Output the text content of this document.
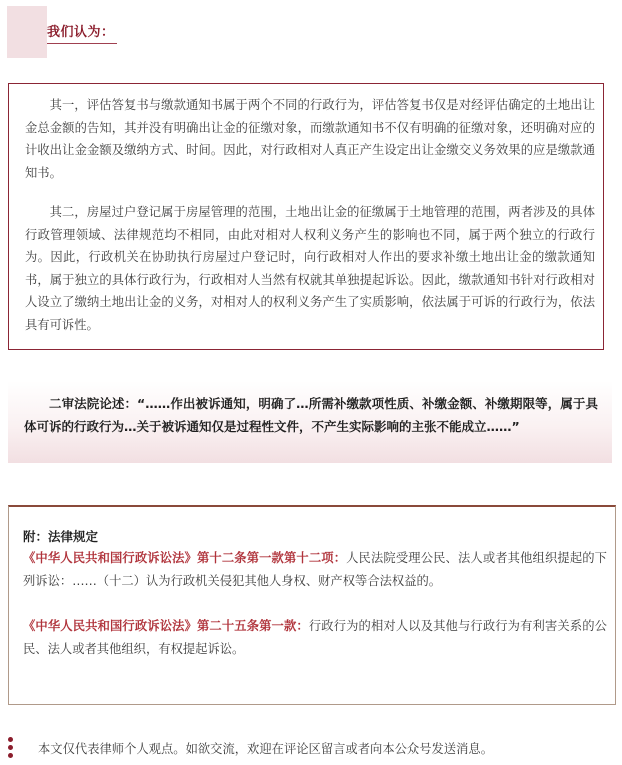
我们认为：

其一，评估答复书与缴款通知书属于两个不同的行政行为，评估答复书仅是对经评估确定的土地出让金总金额的告知，其并没有明确出让金的征缴对象，而缴款通知书不仅有明确的征缴对象，还明确对应的计收出让金金额及缴纳方式、时间。因此，对行政相对人真正产生设定出让金缴交义务效果的应是缴款通知书。

其二，房屋过户登记属于房屋管理的范围，土地出让金的征缴属于土地管理的范围，两者涉及的具体行政管理领域、法律规范均不相同，由此对相对人权利义务产生的影响也不同，属于两个独立的行政行为。因此，行政机关在协助执行房屋过户登记时，向行政相对人作出的要求补缴土地出让金的缴款通知书，属于独立的具体行政行为，行政相对人当然有权就其单独提起诉讼。因此，缴款通知书针对行政相对人设立了缴纳土地出让金的义务，对相对人的权利义务产生了实质影响，依法属于可诉的行政行为，依法具有可诉性。

二审法院论述：“……作出被诉通知，明确了…所需补缴款项性质、补缴金额、补缴期限等，属于具体可诉的行政行为…关于被诉通知仅是过程性文件，不产生实际影响的主张不能成立……”

附：法律规定

《中华人民共和国行政诉讼法》第十二条第一款第十二项：人民法院受理公民、法人或者其他组织提起的下列诉讼：……（十二）认为行政机关侵犯其他人身权、财产权等合法权益的。

《中华人民共和国行政诉讼法》第二十五条第一款：行政行为的相对人以及其他与行政行为有利害关系的公民、法人或者其他组织，有权提起诉讼。

本文仅代表律师个人观点。如欲交流，欢迎在评论区留言或者向本公众号发送消息。
